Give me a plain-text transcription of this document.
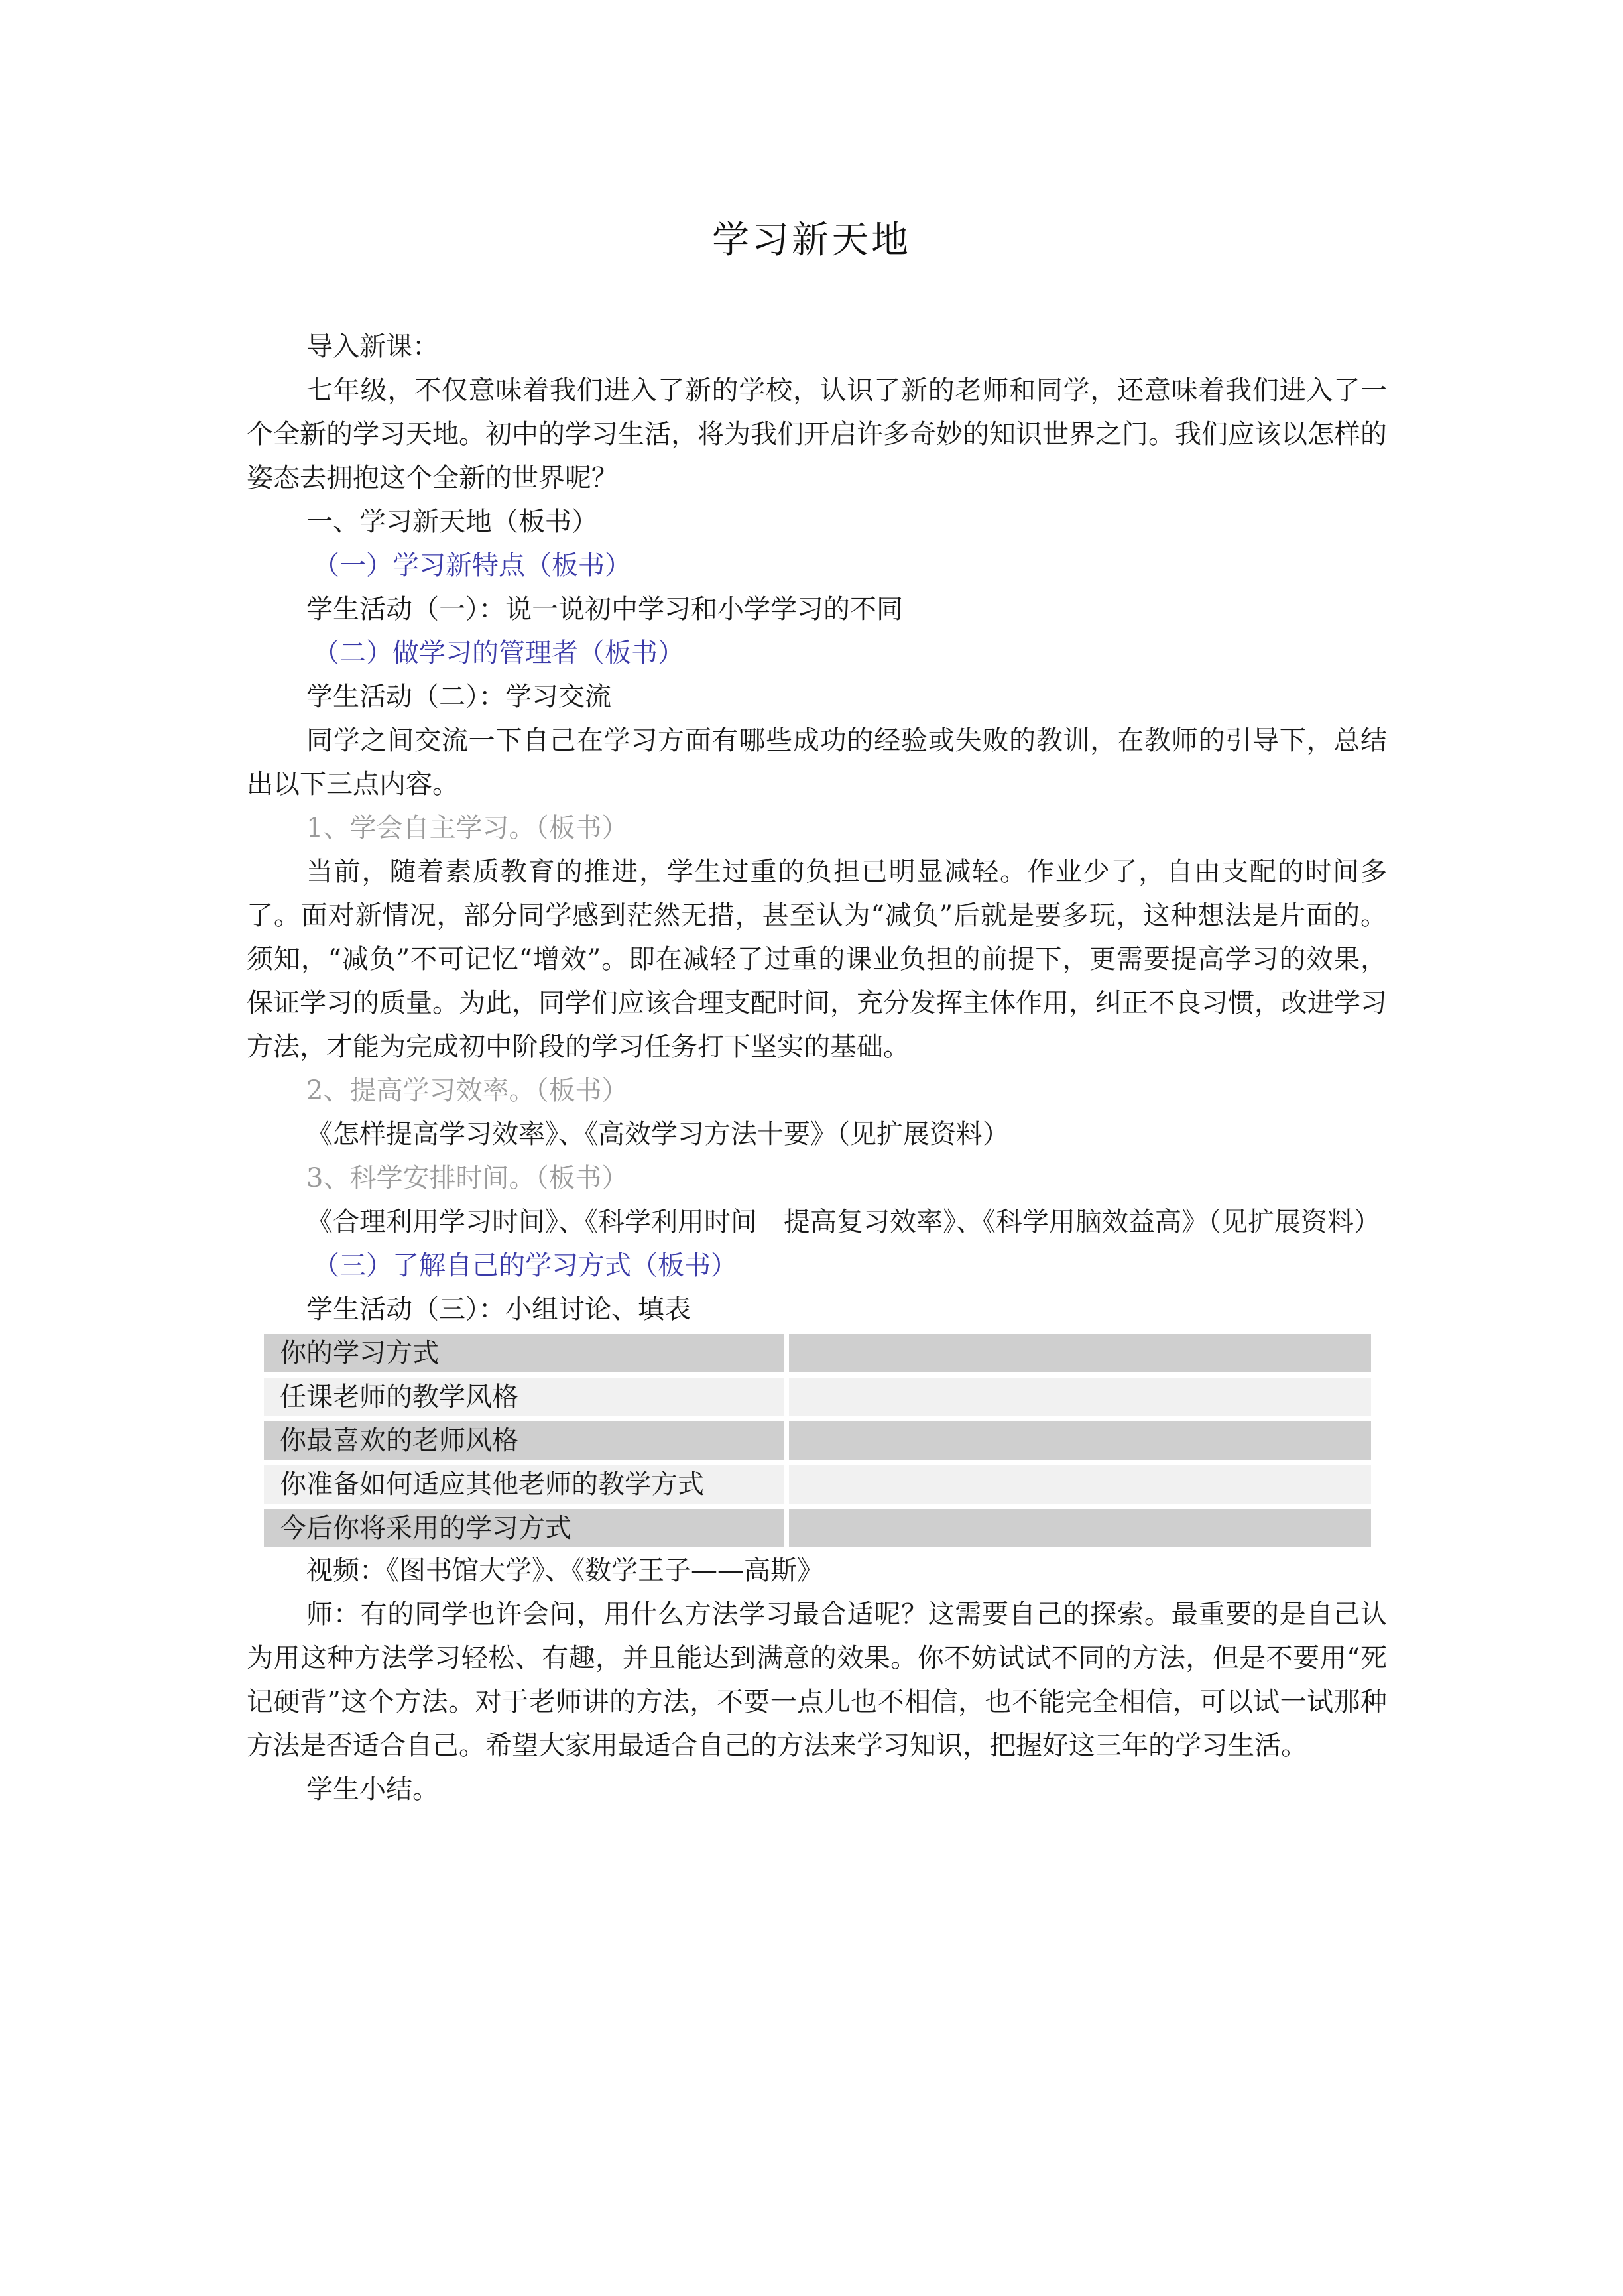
学习新天地

导入新课：

七年级，不仅意味着我们进入了新的学校，认识了新的老师和同学，还意味着我们进入了一个全新的学习天地。初中的学习生活，将为我们开启许多奇妙的知识世界之门。我们应该以怎样的姿态去拥抱这个全新的世界呢？

一、学习新天地（板书）

（一）学习新特点（板书）

学生活动（一）：说一说初中学习和小学学习的不同

（二）做学习的管理者（板书）

学生活动（二）：学习交流

同学之间交流一下自己在学习方面有哪些成功的经验或失败的教训，在教师的引导下，总结出以下三点内容。

1、学会自主学习。（板书）

当前，随着素质教育的推进，学生过重的负担已明显减轻。作业少了，自由支配的时间多了。面对新情况，部分同学感到茫然无措，甚至认为“减负”后就是要多玩，这种想法是片面的。须知，“减负”不可记忆“增效”。即在减轻了过重的课业负担的前提下，更需要提高学习的效果，保证学习的质量。为此，同学们应该合理支配时间，充分发挥主体作用，纠正不良习惯，改进学习方法，才能为完成初中阶段的学习任务打下坚实的基础。

2、提高学习效率。（板书）

《怎样提高学习效率》、《高效学习方法十要》（见扩展资料）

3、科学安排时间。（板书）

《合理利用学习时间》、《科学利用时间　提高复习效率》、《科学用脑效益高》（见扩展资料）

（三）了解自己的学习方式（板书）

学生活动（三）：小组讨论、填表

你的学习方式	
任课老师的教学风格	
你最喜欢的老师风格	
你准备如何适应其他老师的教学方式	
今后你将采用的学习方式	

视频：《图书馆大学》、《数学王子——高斯》

师：有的同学也许会问，用什么方法学习最合适呢？这需要自己的探索。最重要的是自己认为用这种方法学习轻松、有趣，并且能达到满意的效果。你不妨试试不同的方法，但是不要用“死记硬背”这个方法。对于老师讲的方法，不要一点儿也不相信，也不能完全相信，可以试一试那种方法是否适合自己。希望大家用最适合自己的方法来学习知识，把握好这三年的学习生活。

学生小结。
